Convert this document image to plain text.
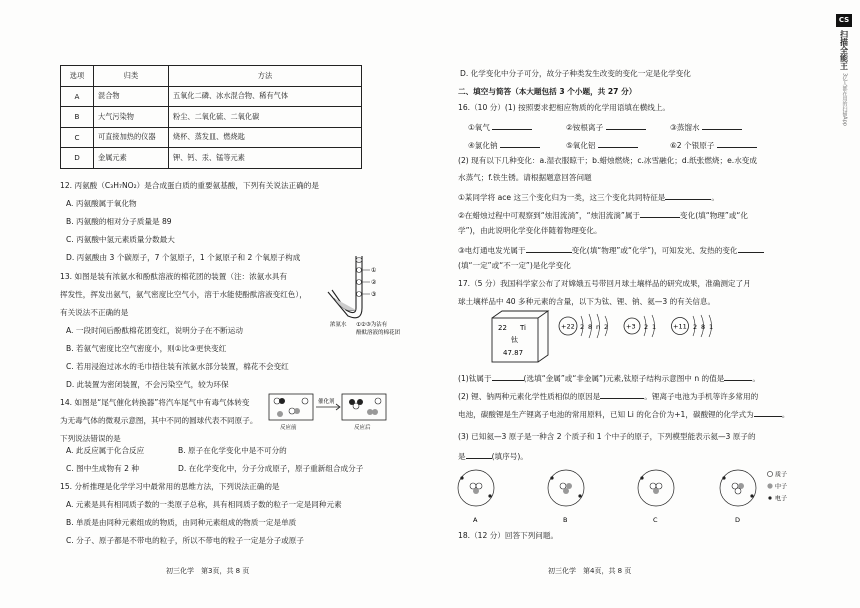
选项	归类	方法
A	混合物	五氧化二磷、冰水混合物、稀有气体
B	大气污染物	粉尘、二氧化硫、二氧化碳
C	可直接加热的仪器	烧杯、蒸发皿、燃烧匙
D	金属元素	钾、钙、汞、锰等元素
12. 丙氨酸（C₃H₇NO₂）是合成蛋白质的重要氨基酸，下列有关说法正确的是
A. 丙氨酸属于氧化物
B. 丙氨酸的相对分子质量是 89
C. 丙氨酸中氢元素质量分数最大
D. 丙氨酸由 3 个碳原子，7 个氢原子，1 个氮原子和 2 个氧原子构成
13. 如图是装有浓氨水和酚酞溶液的棉花团的装置（注：浓氨水具有
挥发性，挥发出氨气，氨气密度比空气小，溶于水能使酚酞溶液变红色），
有关说法不正确的是
A. 一段时间后酚酞棉花团变红，说明分子在不断运动
B. 若氨气密度比空气密度小，则①比③更快变红
C. 若用浸泡过冰水的毛巾捂住装有浓氨水部分装置，棉花不会变红
D. 此装置为密闭装置，不会污染空气，较为环保
①
②
③
浓氨水 ①②③为沾有
酚酞溶液的棉花团
14. 如图是“尾气催化转换器”将汽车尾气中有毒气体转变
为无毒气体的微观示意图，其中不同的圆球代表不同原子。
下列说法错误的是
催化剂
反应前	反应后
A. 此反应属于化合反应	B. 原子在化学变化中是不可分的
C. 图中生成物有 2 种	D. 在化学变化中，分子分成原子，原子重新组合成分子
15. 分析推理是化学学习中最常用的思维方法，下列说法正确的是
A. 元素是具有相同质子数的一类原子总称，具有相同质子数的粒子一定是同种元素
B. 单质是由同种元素组成的物质，由同种元素组成的物质一定是单质
C. 分子、原子都是不带电的粒子，所以不带电的粒子一定是分子或原子
初三化学　第3页，共 8 页
D. 化学变化中分子可分，故分子种类发生改变的变化一定是化学变化
二、填空与简答（本大题包括 3 个小题，共 27 分）
16.（10 分）(1) 按照要求把相应物质的化学用语填在横线上。
①氧气	②铵根离子	③蒸馏水
④氯化钠	⑤氧化铝	⑥2 个银原子
(2) 现有以下几种变化：a.湿衣服晾干；b.蜡烛燃烧；c.冰雪融化；d.纸张燃烧；e.水变成
水蒸气；f.铁生锈。请根据题意回答问题
①某同学将 ace 这三个变化归为一类，这三个变化共同特征是	。
②在蜡烛过程中可观察到“烛泪流淌”，“烛泪流淌”属于	变化(填“物理”或“化
学”)，由此说明化学变化伴随着物理变化。
③电灯通电发光属于	变化(填“物理”或“化学”)，可知发光、发热的变化
(填“一定”或“不一定”)是化学变化
17.（5 分）我国科学家公布了对嫦娥五号带回月球土壤样品的研究成果，准确测定了月
球土壤样品中 40 多种元素的含量，以下为钛、锂、钠、氦—3 的有关信息。
22 Ti
钛
47.87
+22 2 8 n 2	+3 2 1	+11 2 8 1
(1)钛属于	(选填“金属”或“非金属”)元素,钛原子结构示意图中 n 的值是	。
(2) 锂、钠两种元素化学性质相似的原因是	。锂离子电池为手机等许多常用的
电池，碳酸锂是生产锂离子电池的常用原料，已知 Li 的化合价为+1，碳酸锂的化学式为	。
(3) 已知氦—3 原子是一种含 2 个质子和 1 个中子的原子，下列模型能表示氦—3 原子的
是	(填序号)。
A	B	C	D
质子
中子
电子
18.（12 分）回答下列问题。
初三化学　第4页，共 8 页
CS
扫描全能王
3亿人都在用的扫描App
